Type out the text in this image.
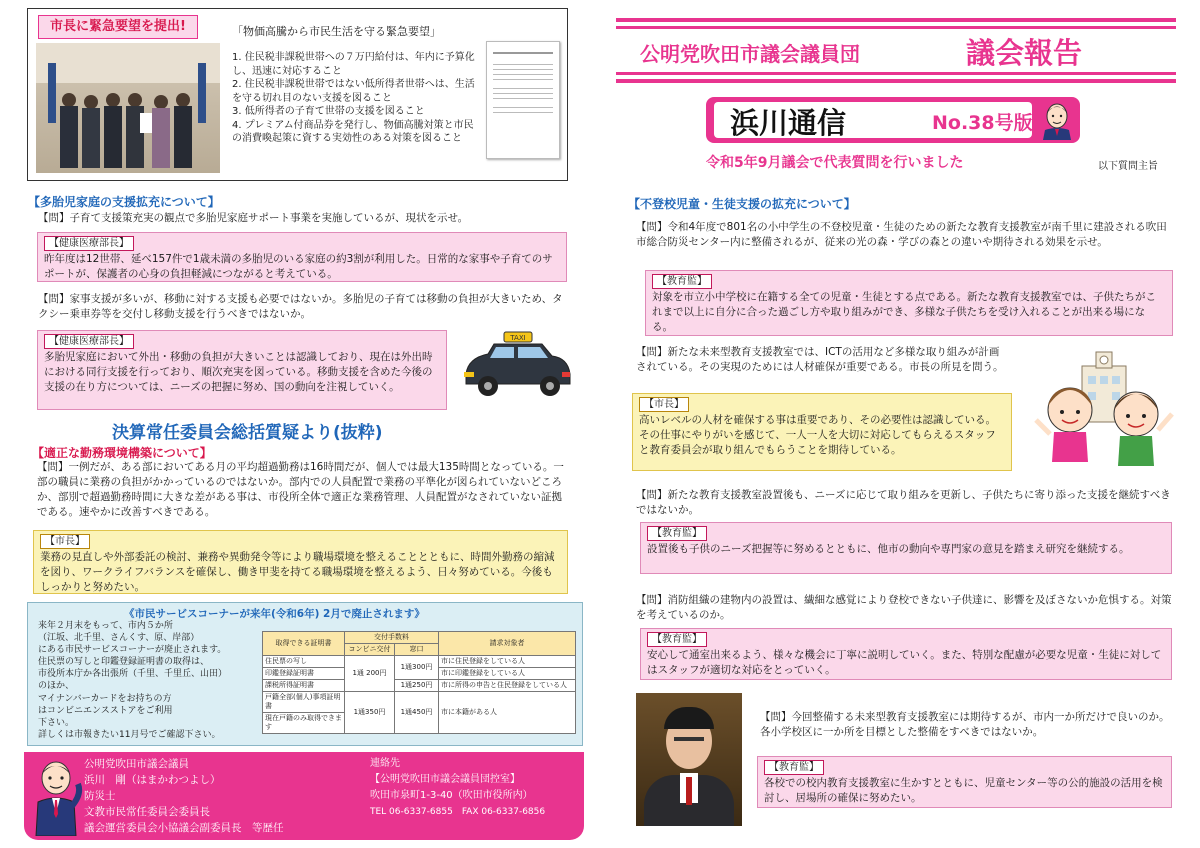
市長に緊急要望を提出!	「物価高騰から市民生活を守る緊急要望」
1. 住民税非課税世帯への７万円給付は、年内に予算化し、迅速に対応すること
2. 住民税非課税世帯ではない低所得者世帯へは、生活を守る切れ目のない支援を図ること
3. 低所得者の子育て世帯の支援を図ること
4. プレミアム付商品券を発行し、物価高騰対策と市民の消費喚起策に資する実効性のある対策を図ること
【多胎児家庭の支援拡充について】
【問】子育て支援策充実の観点で多胎児家庭サポート事業を実施しているが、現状を示せ。
【健康医療部長】
昨年度は12世帯、延べ157件で1歳未満の多胎児のいる家庭の約3割が利用した。日常的な家事や子育てのサポートが、保護者の心身の負担軽減につながると考えている。
【問】家事支援が多いが、移動に対する支援も必要ではないか。多胎児の子育ては移動の負担が大きいため、タクシー乗車券等を交付し移動支援を行うべきではないか。
【健康医療部長】
多胎児家庭において外出・移動の負担が大きいことは認識しており、現在は外出時における同行支援を行っており、順次充実を図っている。移動支援を含めた今後の支援の在り方については、ニーズの把握に努め、国の動向を注視していく。
TAXI
決算常任委員会総括質疑より(抜粋)
【適正な勤務環境構築について】
【問】一例だが、ある部においてある月の平均超過勤務は16時間だが、個人では最大135時間となっている。一部の職員に業務の負担がかかっているのではないか。部内での人員配置で業務の平準化が図られていないどころか、部別で超過勤務時間に大きな差がある事は、市役所全体で適正な業務管理、人員配置がなされていない証拠である。速やかに改善すべきである。
【市長】
業務の見直しや外部委託の検討、兼務や異動発令等により職場環境を整えることとともに、時間外勤務の縮減を図り、ワークライフバランスを確保し、働き甲斐を持てる職場環境を整えるよう、日々努めている。今後もしっかりと努めたい。
《市民サービスコーナーが来年(令和6年) 2月で廃止されます》
来年２月末をもって、市内５か所
（江坂、北千里、さんくす、原、岸部）
にある市民サービスコーナーが廃止されます。
住民票の写しと印鑑登録証明書の取得は、
市役所本庁か各出張所（千里、千里丘、山田）
のほか、
マイナンバーカードをお持ちの方
はコンビニエンスストアをご利用
下さい。
詳しくは市報きたい11月号でご確認下さい。
取得できる証明書	交付手数料		請求対象者
	コンビニ交付	窓口	
住民票の写し	1通 200円	1通300円	市に住民登録をしている人
印鑑登録証明書			市に印鑑登録をしている人
課税所得証明書		1通250円	市に所得の申告と住民登録をしている人
戸籍全部(個人)事項証明書	1通350円	1通450円	市に本籍がある人
現在戸籍のみ取得できます			
公明党吹田市議会議員
浜川　剛（はまかわつよし）
防災士
文教市民常任委員会委員長
議会運営委員会小協議会副委員長　等歴任
連絡先
【公明党吹田市議会議員団控室】
吹田市泉町1-3-40（吹田市役所内）
TEL 06-6337-6855　FAX 06-6337-6856
公明党吹田市議会議員団	議会報告
浜川通信	No.38号版
令和5年9月議会で代表質問を行いました	以下質問主旨
【不登校児童・生徒支援の拡充について】
【問】令和4年度で801名の小中学生の不登校児童・生徒のための新たな教育支援教室が南千里に建設される吹田市総合防災センター内に整備されるが、従来の光の森・学びの森との違いや期待される効果を示せ。
【教育監】
対象を市立小中学校に在籍する全ての児童・生徒とする点である。新たな教育支援教室では、子供たちがこれまで以上に自分に合った過ごし方や取り組みができ、多様な子供たちを受け入れることが出来る場になる。
【問】新たな未来型教育支援教室では、ICTの活用など多様な取り組みが計画されている。その実現のためには人材確保が重要である。市長の所見を問う。
【市長】
高いレベルの人材を確保する事は重要であり、その必要性は認識している。その仕事にやりがいを感じて、一人一人を大切に対応してもらえるスタッフと教育委員会が取り組んでもらうことを期待している。
【問】新たな教育支援教室設置後も、ニーズに応じて取り組みを更新し、子供たちに寄り添った支援を継続すべきではないか。
【教育監】
設置後も子供のニーズ把握等に努めるとともに、他市の動向や専門家の意見を踏まえ研究を継続する。
【問】消防組織の建物内の設置は、繊細な感覚により登校できない子供達に、影響を及ぼさないか危惧する。対策を考えているのか。
【教育監】
安心して通室出来るよう、様々な機会に丁寧に説明していく。また、特別な配慮が必要な児童・生徒に対してはスタッフが適切な対応をとっていく。
【問】今回整備する未来型教育支援教室には期待するが、市内一か所だけで良いのか。各小学校区に一か所を目標とした整備をすべきではないか。
【教育監】
各校での校内教育支援教室に生かすとともに、児童センター等の公的施設の活用を検討し、居場所の確保に努めたい。
